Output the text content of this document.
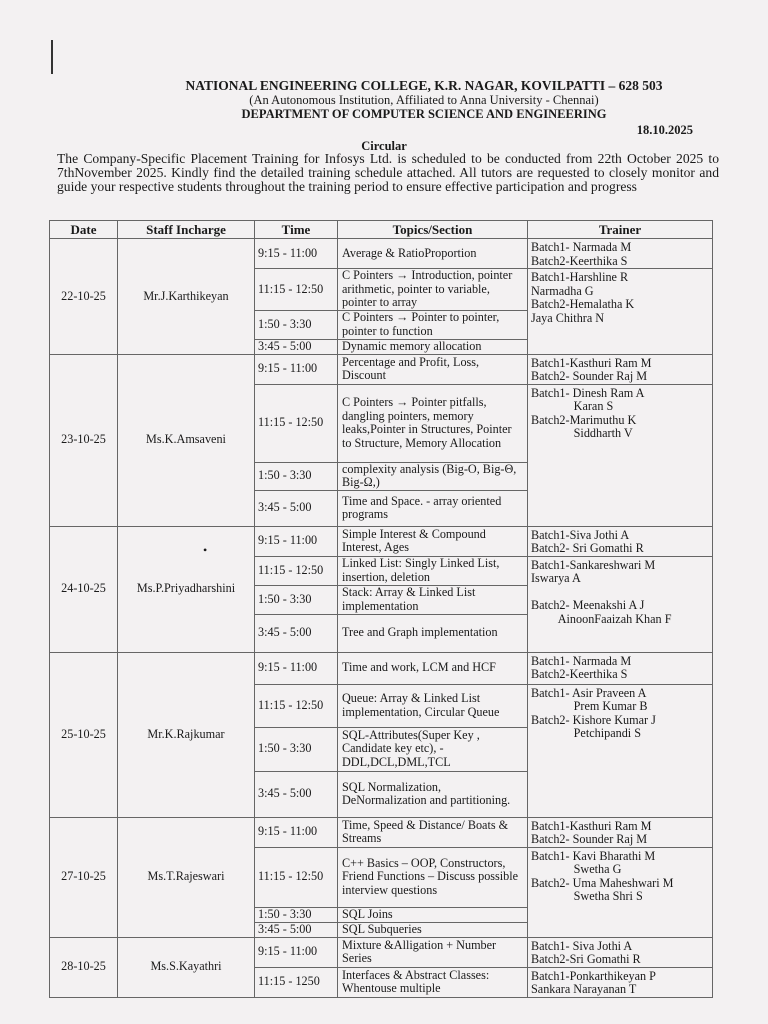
NATIONAL ENGINEERING COLLEGE, K.R. NAGAR, KOVILPATTI – 628 503
(An Autonomous Institution, Affiliated to Anna University - Chennai)
DEPARTMENT OF COMPUTER SCIENCE AND ENGINEERING
18.10.2025
Circular
The Company-Specific Placement Training for Infosys Ltd. is scheduled to be conducted from 22th October 2025 to 7thNovember 2025. Kindly find the detailed training schedule attached. All tutors are requested to closely monitor and guide your respective students throughout the training period to ensure effective participation and progress
Date	Staff Incharge	Time	Topics/Section	Trainer
22-10-25	Mr.J.Karthikeyan	9:15 - 11:00	Average & RatioProportion	Batch1- Narmada M
Batch2-Keerthika S

		11:15 - 12:50	C Pointers → Introduction, pointer arithmetic, pointer to variable, pointer to array	Batch1-Harshline R
Narmadha G
Batch2-Hemalatha K
Jaya Chithra N

		1:50 - 3:30	C Pointers → Pointer to pointer, pointer to function	
		3:45 - 5:00	Dynamic memory allocation	
23-10-25	Ms.K.Amsaveni	9:15 - 11:00	Percentage and Profit, Loss, Discount	Batch1-Kasthuri Ram M
Batch2- Sounder Raj M

		11:15 - 12:50	C Pointers → Pointer pitfalls, dangling pointers, memory leaks,Pointer in Structures, Pointer to Structure, Memory Allocation	Batch1- Dinesh Ram A
Karan S
Batch2-Marimuthu K
Siddharth V

		1:50 - 3:30	complexity analysis (Big-O, Big-Θ, Big-Ω,)	
		3:45 - 5:00	Time and Space. - array oriented programs	
24-10-25	Ms.P.Priyadharshini	9:15 - 11:00	Simple Interest & Compound Interest, Ages	Batch1-Siva Jothi A
Batch2- Sri Gomathi R

		11:15 - 12:50	Linked List: Singly Linked List, insertion, deletion	Batch1-Sankareshwari M
Iswarya A

Batch2- Meenakshi A J
AinoonFaaizah Khan F

		1:50 - 3:30	Stack: Array & Linked List implementation	
		3:45 - 5:00	Tree and Graph implementation	
25-10-25	Mr.K.Rajkumar	9:15 - 11:00	Time and work, LCM and HCF	Batch1- Narmada M
Batch2-Keerthika S

		11:15 - 12:50	Queue: Array & Linked List implementation, Circular Queue	Batch1- Asir Praveen A
Prem Kumar B
Batch2- Kishore Kumar J
Petchipandi S

		1:50 - 3:30	SQL-Attributes(Super Key , Candidate key etc), -DDL,DCL,DML,TCL	
		3:45 - 5:00	SQL Normalization, DeNormalization and partitioning.	
27-10-25	Ms.T.Rajeswari	9:15 - 11:00	Time, Speed & Distance/ Boats & Streams	Batch1-Kasthuri Ram M
Batch2- Sounder Raj M

		11:15 - 12:50	C++ Basics – OOP, Constructors, Friend Functions – Discuss possible interview questions	Batch1- Kavi Bharathi M
Swetha G
Batch2- Uma Maheshwari M
Swetha Shri S

		1:50 - 3:30	SQL Joins	
		3:45 - 5:00	SQL Subqueries	
28-10-25	Ms.S.Kayathri	9:15 - 11:00	Mixture &Alligation + Number Series	Batch1- Siva Jothi A
Batch2-Sri Gomathi R

		11:15 - 1250	Interfaces & Abstract Classes: Whentouse multiple	Batch1-Ponkarthikeyan P
Sankara Narayanan T
•
